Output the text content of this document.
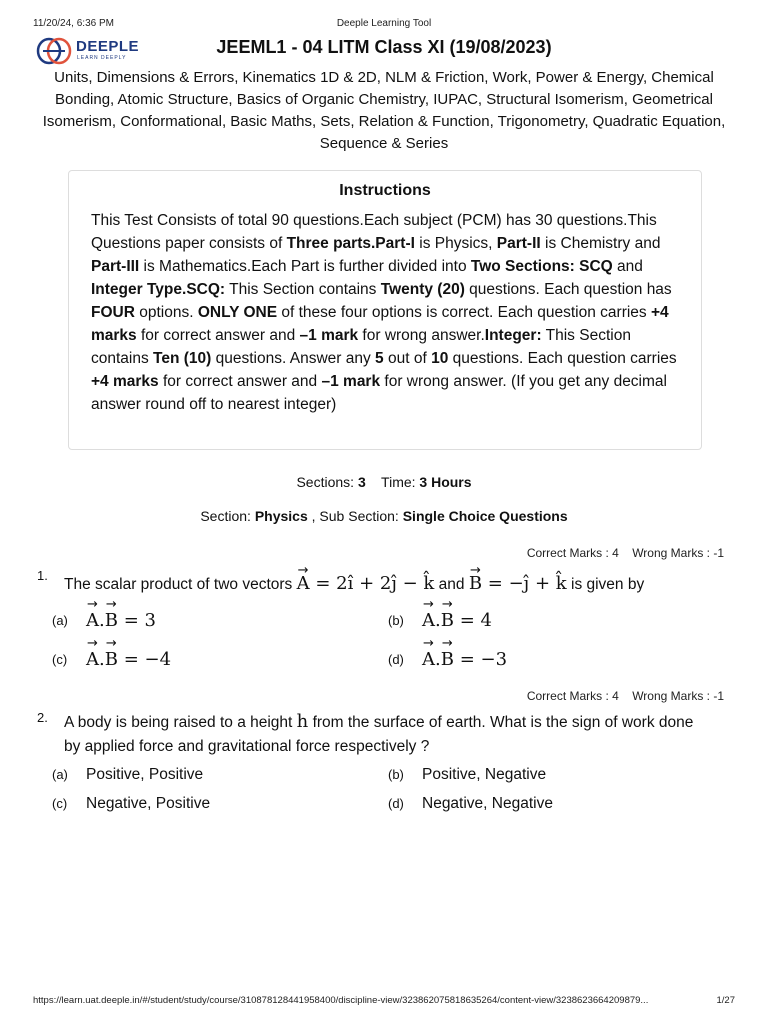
11/20/24, 6:36 PM	Deeple Learning Tool
DEEPLE
LEARN DEEPLY
JEEML1 - 04 LITM Class XI (19/08/2023)
Units, Dimensions & Errors, Kinematics 1D & 2D, NLM & Friction, Work, Power & Energy, Chemical Bonding, Atomic Structure, Basics of Organic Chemistry, IUPAC, Structural Isomerism, Geometrical Isomerism, Conformational, Basic Maths, Sets, Relation & Function, Trigonometry, Quadratic Equation, Sequence & Series
Instructions
This Test Consists of total 90 questions.Each subject (PCM) has 30 questions.This Questions paper consists of Three parts.Part-I is Physics, Part-II is Chemistry and Part-III is Mathematics.Each Part is further divided into Two Sections: SCQ and Integer Type.SCQ: This Section contains Twenty (20) questions. Each question has FOUR options. ONLY ONE of these four options is correct. Each question carries +4 marks for correct answer and –1 mark for wrong answer.Integer: This Section contains Ten (10) questions. Answer any 5 out of 10 questions. Each question carries +4 marks for correct answer and –1 mark for wrong answer. (If you get any decimal answer round off to nearest integer)
Sections: 3 Time: 3 Hours
Section: Physics , Sub Section: Single Choice Questions
Correct Marks : 4 Wrong Marks : -1
1.
The scalar product of two vectors → A = 2î + 2ĵ − k̂ and → B = −ĵ + k̂ is given by
(a) → A.→ B = 3	(b) → A.→ B = 4
(c) → A.→ B = −4	(d) → A.→ B = −3
Correct Marks : 4 Wrong Marks : -1
2. A body is being raised to a height h from the surface of earth. What is the sign of work done by applied force and gravitational force respectively ?
(a) Positive, Positive	(b) Positive, Negative
(c) Negative, Positive	(d) Negative, Negative
https://learn.uat.deeple.in/#/student/study/course/310878128441958400/discipline-view/323862075818635264/content-view/3238623664209879...	1/27
